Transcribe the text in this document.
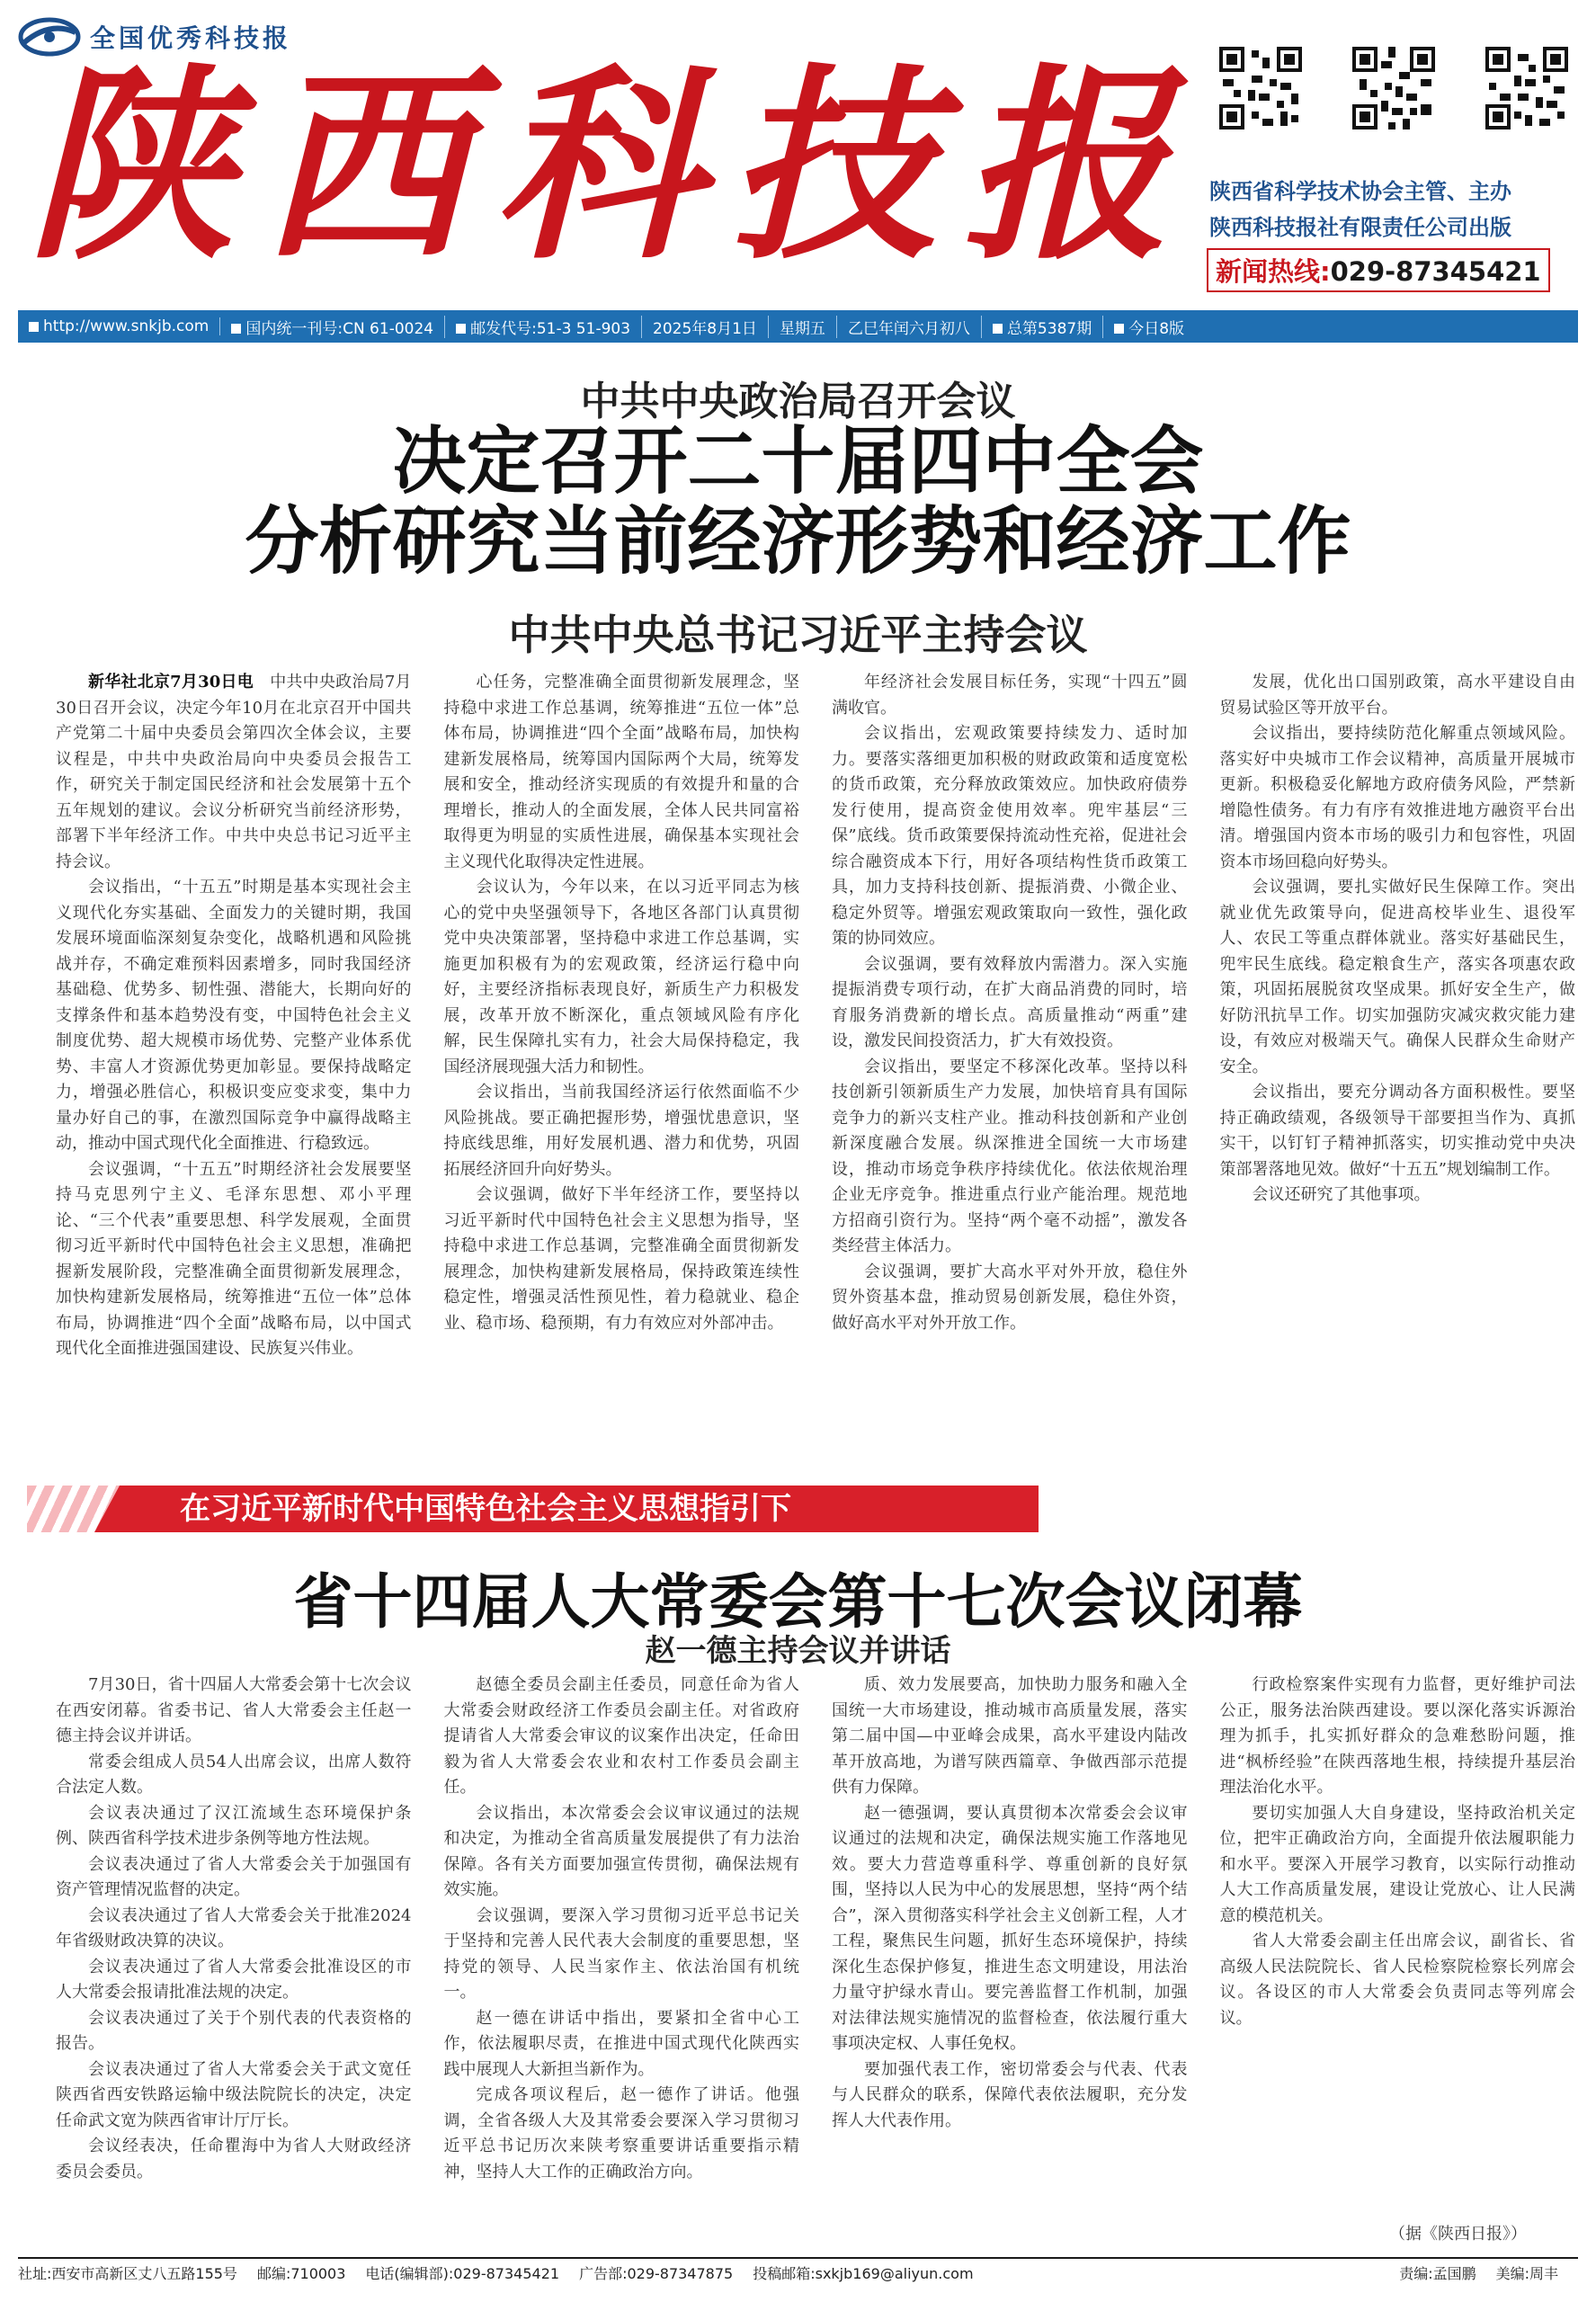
全国优秀科技报
陕西科技报 陕西省科学技术协会主管、主办
陕西科技报社有限责任公司出版
新闻热线:029-87345421
http://www.snkjb.com	国内统一刊号:CN 61-0024	邮发代号:51-3 51-903	2025年8月1日	星期五	乙巳年闰六月初八	总第5387期	今日8版
中共中央政治局召开会议
决定召开二十届四中全会
分析研究当前经济形势和经济工作
中共中央总书记习近平主持会议

新华社北京7月30日电　 中共中央政治局7月30日召开会议，决定今年10月在北京召开中国共产党第二十届中央委员会第四次全体会议，主要议程是，中共中央政治局向中央委员会报告工作，研究关于制定国民经济和社会发展第十五个五年规划的建议。会议分析研究当前经济形势，部署下半年经济工作。中共中央总书记习近平主持会议。

会议指出，“十五五”时期是基本实现社会主义现代化夯实基础、全面发力的关键时期，我国发展环境面临深刻复杂变化，战略机遇和风险挑战并存，不确定难预料因素增多，同时我国经济基础稳、优势多、韧性强、潜能大，长期向好的支撑条件和基本趋势没有变，中国特色社会主义制度优势、超大规模市场优势、完整产业体系优势、丰富人才资源优势更加彰显。要保持战略定力，增强必胜信心，积极识变应变求变，集中力量办好自己的事，在激烈国际竞争中赢得战略主动，推动中国式现代化全面推进、行稳致远。

会议强调，“十五五”时期经济社会发展要坚持马克思列宁主义、毛泽东思想、邓小平理论、“三个代表”重要思想、科学发展观，全面贯彻习近平新时代中国特色社会主义思想，准确把握新发展阶段，完整准确全面贯彻新发展理念，加快构建新发展格局，统筹推进“五位一体”总体布局，协调推进“四个全面”战略布局，以中国式现代化全面推进强国建设、民族复兴伟业。

心任务，完整准确全面贯彻新发展理念，坚持稳中求进工作总基调，统筹推进“五位一体”总体布局，协调推进“四个全面”战略布局，加快构建新发展格局，统筹国内国际两个大局，统筹发展和安全，推动经济实现质的有效提升和量的合理增长，推动人的全面发展，全体人民共同富裕取得更为明显的实质性进展，确保基本实现社会主义现代化取得决定性进展。

会议认为，今年以来，在以习近平同志为核心的党中央坚强领导下，各地区各部门认真贯彻党中央决策部署，坚持稳中求进工作总基调，实施更加积极有为的宏观政策，经济运行稳中向好，主要经济指标表现良好，新质生产力积极发展，改革开放不断深化，重点领域风险有序化解，民生保障扎实有力，社会大局保持稳定，我国经济展现强大活力和韧性。

会议指出，当前我国经济运行依然面临不少风险挑战。要正确把握形势，增强忧患意识，坚持底线思维，用好发展机遇、潜力和优势，巩固拓展经济回升向好势头。

会议强调，做好下半年经济工作，要坚持以习近平新时代中国特色社会主义思想为指导，坚持稳中求进工作总基调，完整准确全面贯彻新发展理念，加快构建新发展格局，保持政策连续性稳定性，增强灵活性预见性，着力稳就业、稳企业、稳市场、稳预期，有力有效应对外部冲击。

年经济社会发展目标任务，实现“十四五”圆满收官。

会议指出，宏观政策要持续发力、适时加力。要落实落细更加积极的财政政策和适度宽松的货币政策，充分释放政策效应。加快政府债券发行使用，提高资金使用效率。兜牢基层“三保”底线。货币政策要保持流动性充裕，促进社会综合融资成本下行，用好各项结构性货币政策工具，加力支持科技创新、提振消费、小微企业、稳定外贸等。增强宏观政策取向一致性，强化政策的协同效应。

会议强调，要有效释放内需潜力。深入实施提振消费专项行动，在扩大商品消费的同时，培育服务消费新的增长点。高质量推动“两重”建设，激发民间投资活力，扩大有效投资。

会议指出，要坚定不移深化改革。坚持以科技创新引领新质生产力发展，加快培育具有国际竞争力的新兴支柱产业。推动科技创新和产业创新深度融合发展。纵深推进全国统一大市场建设，推动市场竞争秩序持续优化。依法依规治理企业无序竞争。推进重点行业产能治理。规范地方招商引资行为。坚持“两个毫不动摇”，激发各类经营主体活力。

会议强调，要扩大高水平对外开放，稳住外贸外资基本盘，推动贸易创新发展，稳住外资，做好高水平对外开放工作。

发展，优化出口国别政策，高水平建设自由贸易试验区等开放平台。

会议指出，要持续防范化解重点领域风险。落实好中央城市工作会议精神，高质量开展城市更新。积极稳妥化解地方政府债务风险，严禁新增隐性债务。有力有序有效推进地方融资平台出清。增强国内资本市场的吸引力和包容性，巩固资本市场回稳向好势头。

会议强调，要扎实做好民生保障工作。突出就业优先政策导向，促进高校毕业生、退役军人、农民工等重点群体就业。落实好基础民生，兜牢民生底线。稳定粮食生产，落实各项惠农政策，巩固拓展脱贫攻坚成果。抓好安全生产，做好防汛抗旱工作。切实加强防灾减灾救灾能力建设，有效应对极端天气。确保人民群众生命财产安全。

会议指出，要充分调动各方面积极性。要坚持正确政绩观，各级领导干部要担当作为、真抓实干，以钉钉子精神抓落实，切实推动党中央决策部署落地见效。做好“十五五”规划编制工作。

会议还研究了其他事项。

在习近平新时代中国特色社会主义思想指引下
省十四届人大常委会第十七次会议闭幕
赵一德主持会议并讲话

7月30日，省十四届人大常委会第十七次会议在西安闭幕。省委书记、省人大常委会主任赵一德主持会议并讲话。

常委会组成人员54人出席会议，出席人数符合法定人数。

会议表决通过了汉江流域生态环境保护条例、陕西省科学技术进步条例等地方性法规。

会议表决通过了省人大常委会关于加强国有资产管理情况监督的决定。

会议表决通过了省人大常委会关于批准2024年省级财政决算的决议。

会议表决通过了省人大常委会批准设区的市人大常委会报请批准法规的决定。

会议表决通过了关于个别代表的代表资格的报告。

会议表决通过了省人大常委会关于武文宽任陕西省西安铁路运输中级法院院长的决定，决定任命武文宽为陕西省审计厅厅长。

会议经表决，任命瞿海中为省人大财政经济委员会委员。

赵德全委员会副主任委员，同意任命为省人大常委会财政经济工作委员会副主任。对省政府提请省人大常委会审议的议案作出决定，任命田毅为省人大常委会农业和农村工作委员会副主任。

会议指出，本次常委会会议审议通过的法规和决定，为推动全省高质量发展提供了有力法治保障。各有关方面要加强宣传贯彻，确保法规有效实施。

会议强调，要深入学习贯彻习近平总书记关于坚持和完善人民代表大会制度的重要思想，坚持党的领导、人民当家作主、依法治国有机统一。

赵一德在讲话中指出，要紧扣全省中心工作，依法履职尽责，在推进中国式现代化陕西实践中展现人大新担当新作为。

完成各项议程后，赵一德作了讲话。他强调，全省各级人大及其常委会要深入学习贯彻习近平总书记历次来陕考察重要讲话重要指示精神，坚持人大工作的正确政治方向。

质、效力发展要高，加快助力服务和融入全国统一大市场建设，推动城市高质量发展，落实第二届中国—中亚峰会成果，高水平建设内陆改革开放高地，为谱写陕西篇章、争做西部示范提供有力保障。

赵一德强调，要认真贯彻本次常委会会议审议通过的法规和决定，确保法规实施工作落地见效。要大力营造尊重科学、尊重创新的良好氛围，坚持以人民为中心的发展思想，坚持“两个结合”，深入贯彻落实科学社会主义创新工程，人才工程，聚焦民生问题，抓好生态环境保护，持续深化生态保护修复，推进生态文明建设，用法治力量守护绿水青山。要完善监督工作机制，加强对法律法规实施情况的监督检查，依法履行重大事项决定权、人事任免权。

要加强代表工作，密切常委会与代表、代表与人民群众的联系，保障代表依法履职，充分发挥人大代表作用。

行政检察案件实现有力监督，更好维护司法公正，服务法治陕西建设。要以深化落实诉源治理为抓手，扎实抓好群众的急难愁盼问题，推进“枫桥经验”在陕西落地生根，持续提升基层治理法治化水平。

要切实加强人大自身建设，坚持政治机关定位，把牢正确政治方向，全面提升依法履职能力和水平。要深入开展学习教育，以实际行动推动人大工作高质量发展，建设让党放心、让人民满意的模范机关。

省人大常委会副主任出席会议，副省长、省高级人民法院院长、省人民检察院检察长列席会议。各设区的市人大常委会负责同志等列席会议。

（据《陕西日报》）
社址:西安市高新区丈八五路155号 邮编:710003 电话(编辑部):029-87345421 广告部:029-87347875 投稿邮箱:sxkjb169@aliyun.com	责编:孟国鹏 美编:周丰
